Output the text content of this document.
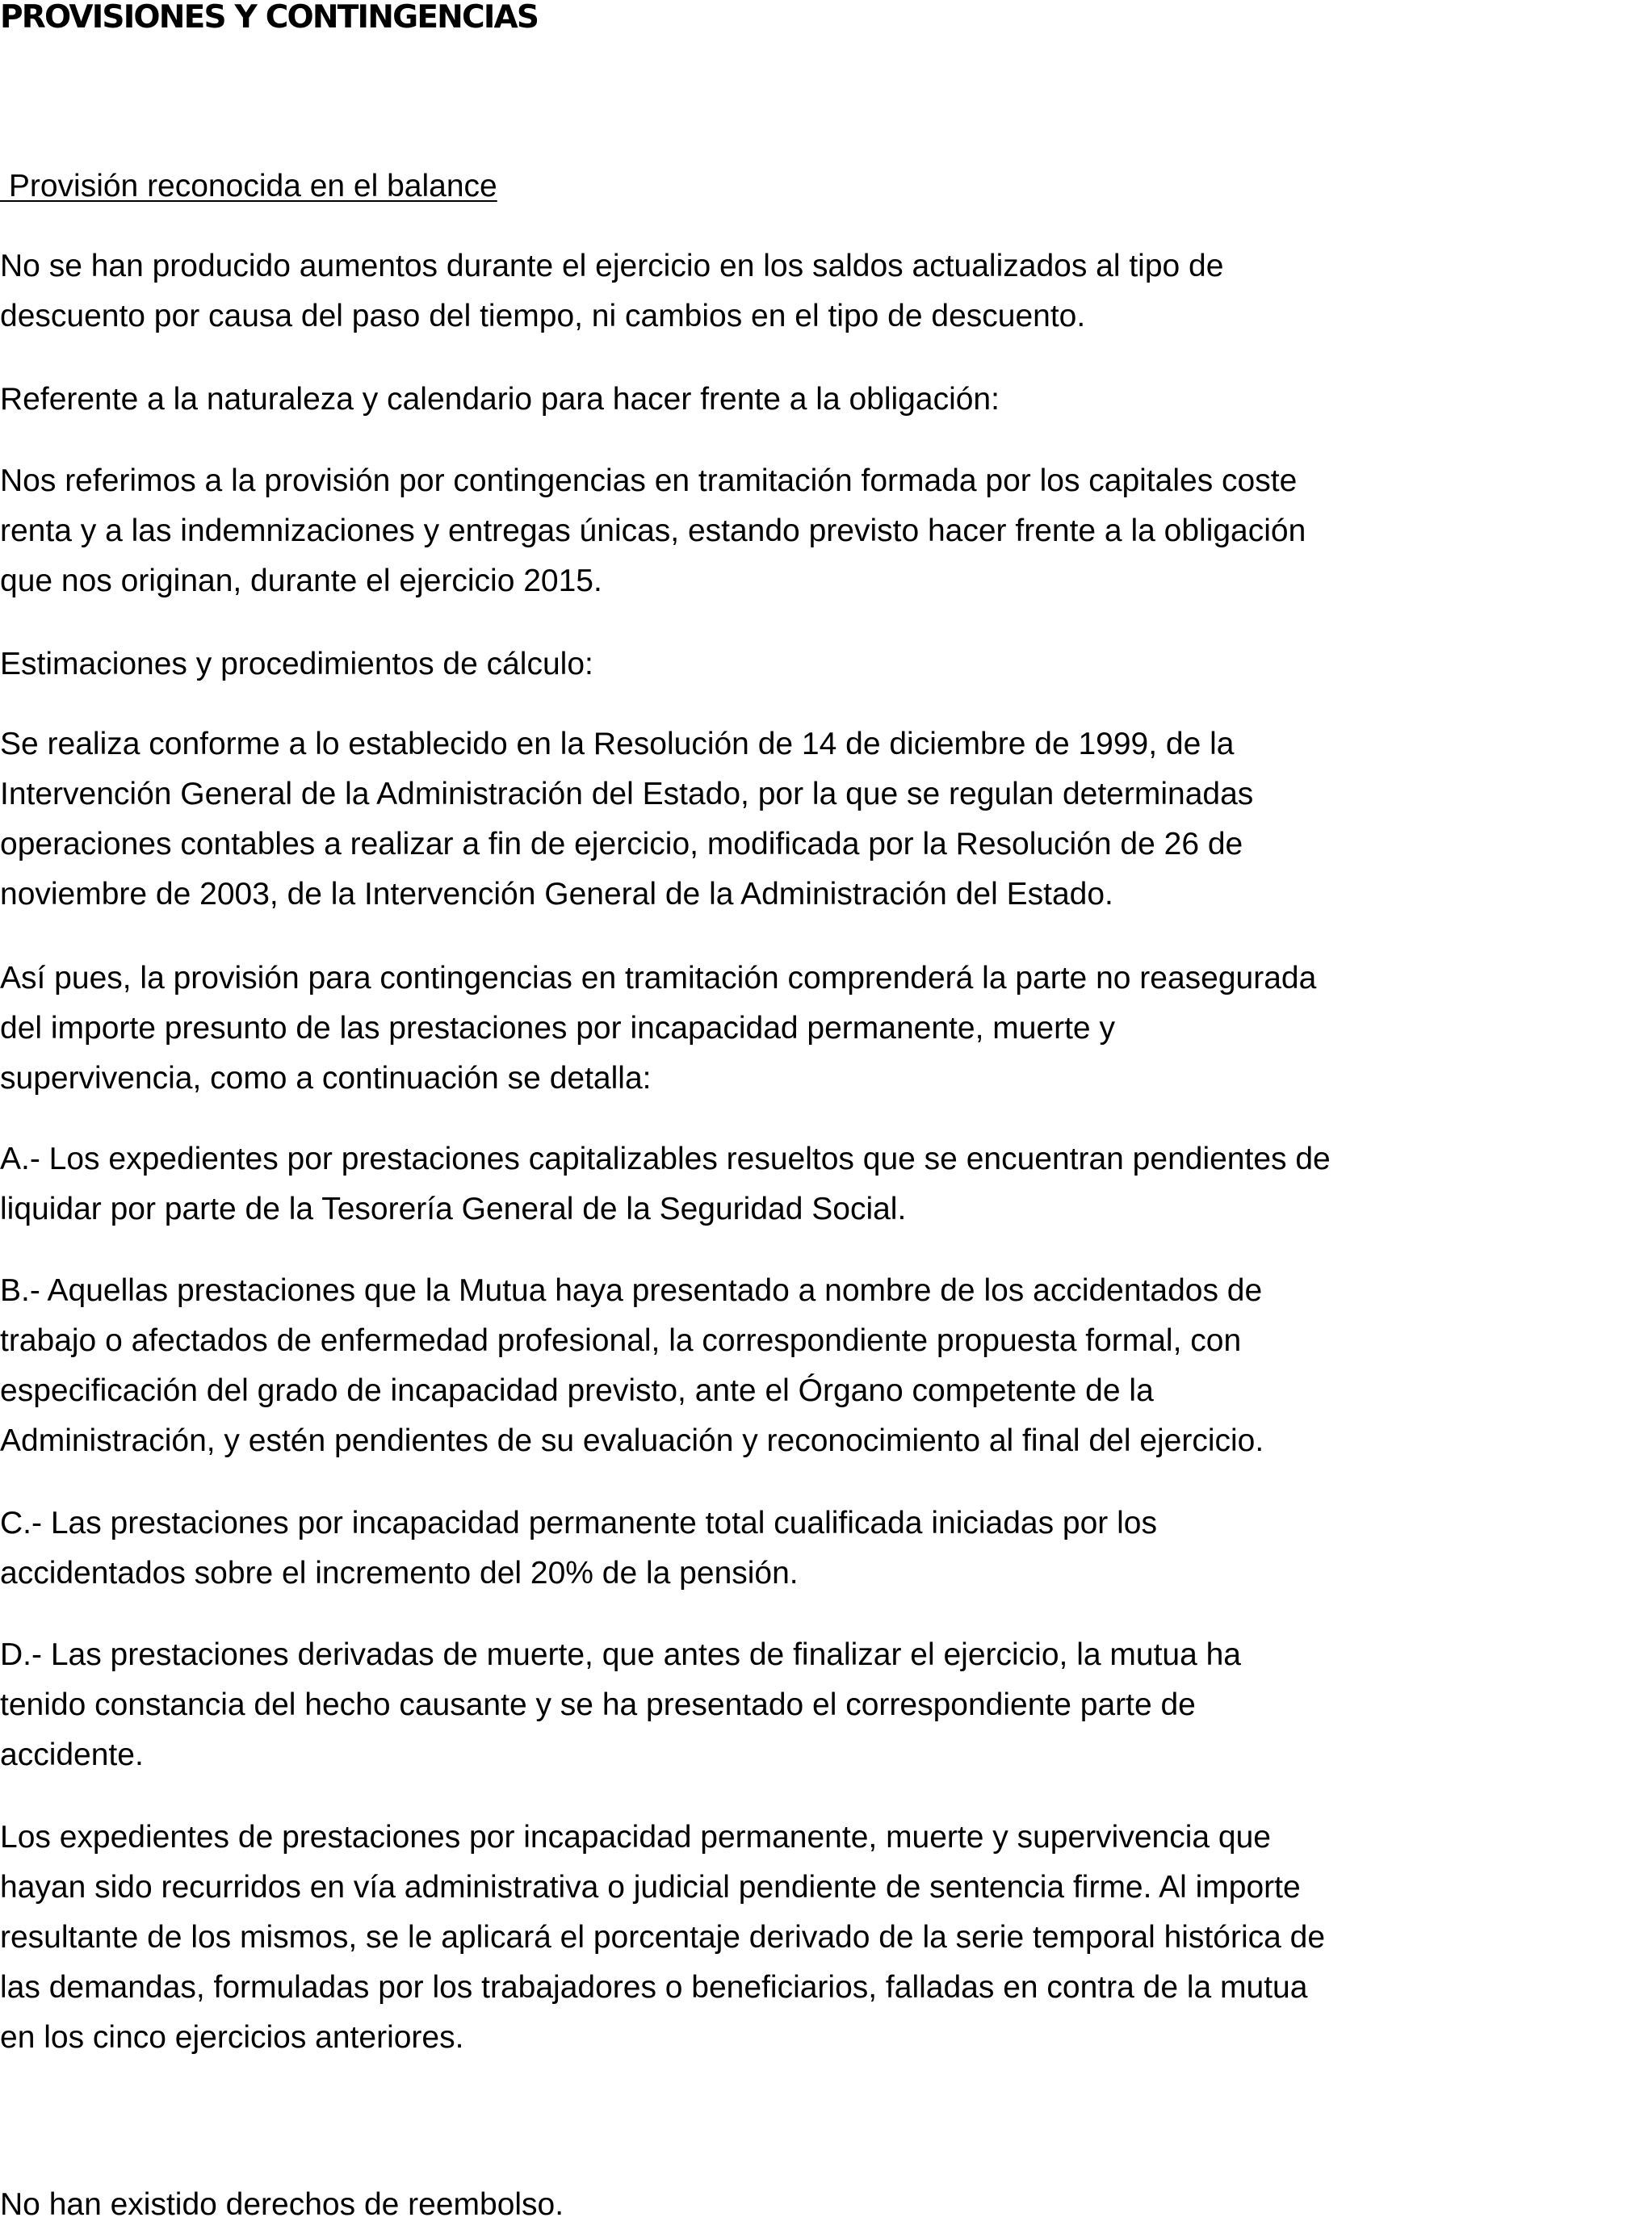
PROVISIONES Y CONTINGENCIAS
Provisión reconocida en el balance

No se han producido aumentos durante el ejercicio en los saldos actualizados al tipo de
descuento por causa del paso del tiempo, ni cambios en el tipo de descuento.

Referente a la naturaleza y calendario para hacer frente a la obligación:

Nos referimos a la provisión por contingencias en tramitación formada por los capitales coste
renta y a las indemnizaciones y entregas únicas, estando previsto hacer frente a la obligación
que nos originan, durante el ejercicio 2015.

Estimaciones y procedimientos de cálculo:

Se realiza conforme a lo establecido en la Resolución de 14 de diciembre de 1999, de la
Intervención General de la Administración del Estado, por la que se regulan determinadas
operaciones contables a realizar a fin de ejercicio, modificada por la Resolución de 26 de
noviembre de 2003, de la Intervención General de la Administración del Estado.

Así pues, la provisión para contingencias en tramitación comprenderá la parte no reasegurada
del importe presunto de las prestaciones por incapacidad permanente, muerte y
supervivencia, como a continuación se detalla:

A.- Los expedientes por prestaciones capitalizables resueltos que se encuentran pendientes de
liquidar por parte de la Tesorería General de la Seguridad Social.

B.- Aquellas prestaciones que la Mutua haya presentado a nombre de los accidentados de
trabajo o afectados de enfermedad profesional, la correspondiente propuesta formal, con
especificación del grado de incapacidad previsto, ante el Órgano competente de la
Administración, y estén pendientes de su evaluación y reconocimiento al final del ejercicio.

C.- Las prestaciones por incapacidad permanente total cualificada iniciadas por los
accidentados sobre el incremento del 20% de la pensión.

D.- Las prestaciones derivadas de muerte, que antes de finalizar el ejercicio, la mutua ha
tenido constancia del hecho causante y se ha presentado el correspondiente parte de
accidente.

Los expedientes de prestaciones por incapacidad permanente, muerte y supervivencia que
hayan sido recurridos en vía administrativa o judicial pendiente de sentencia firme. Al importe
resultante de los mismos, se le aplicará el porcentaje derivado de la serie temporal histórica de
las demandas, formuladas por los trabajadores o beneficiarios, falladas en contra de la mutua
en los cinco ejercicios anteriores.

No han existido derechos de reembolso.
